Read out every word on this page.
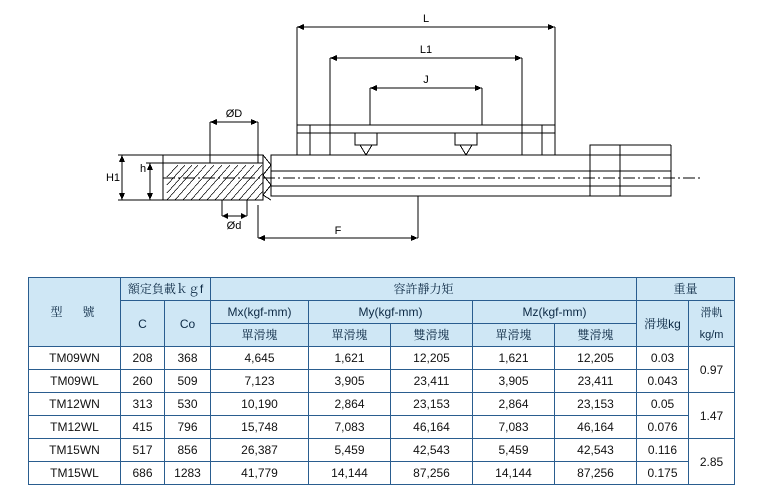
L
L1
J
F
ØD
Ød
H1
h
型　號	額定負載ｋｇf		容許靜力矩					重量	
	C	Co	Mx(kgf-mm)	My(kgf-mm)		Mz(kgf-mm)		滑塊kg	滑軌kg/m
			單滑塊	單滑塊	雙滑塊	單滑塊	雙滑塊		
TM09WN	208	368	4,645	1,621	12,205	1,621	12,205	0.03	0.97
TM09WL	260	509	7,123	3,905	23,411	3,905	23,411	0.043	
TM12WN	313	530	10,190	2,864	23,153	2,864	23,153	0.05	1.47
TM12WL	415	796	15,748	7,083	46,164	7,083	46,164	0.076	
TM15WN	517	856	26,387	5,459	42,543	5,459	42,543	0.116	2.85
TM15WL	686	1283	41,779	14,144	87,256	14,144	87,256	0.175	
